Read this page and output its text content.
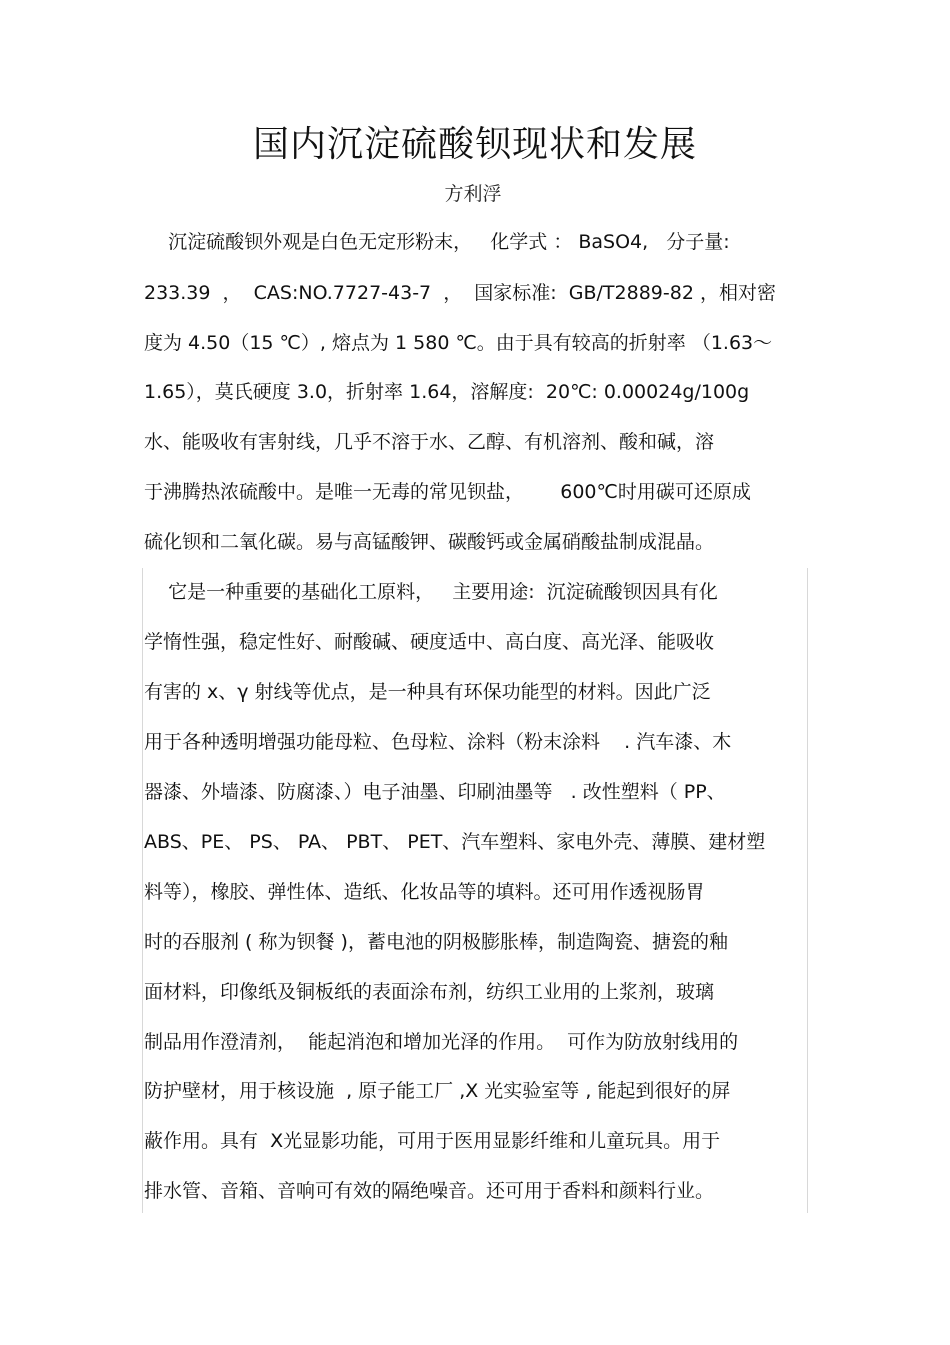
国内沉淀硫酸钡现状和发展
方利浮
沉淀硫酸钡外观是白色无定形粉末，   化学式 ： BaSO4,   分子量:
233.39  ，  CAS:NO.7727-43-7  ，  国家标准:  GB/T2889-82 ，相对密
度为 4.50（15 ℃）, 熔点为 1 580 ℃。由于具有较高的折射率 （1.63～
1.65），莫氏硬度 3.0，折射率 1.64，溶解度:  20℃: 0.00024g/100g
水、能吸收有害射线，几乎不溶于水、乙醇、有机溶剂、酸和碱，溶
于沸腾热浓硫酸中。是唯一无毒的常见钡盐，      600℃时用碳可还原成
硫化钡和二氧化碳。易与高锰酸钾、碳酸钙或金属硝酸盐制成混晶。
它是一种重要的基础化工原料，   主要用途:  沉淀硫酸钡因具有化
学惰性强，稳定性好、耐酸碱、硬度适中、高白度、高光泽、能吸收
有害的 x、γ 射线等优点，是一种具有环保功能型的材料。因此广泛
用于各种透明增强功能母粒、色母粒、涂料（粉末涂料    . 汽车漆、木
器漆、外墙漆、防腐漆、）电子油墨、印刷油墨等   . 改性塑料（ PP、
ABS、PE、 PS、 PA、 PBT、 PET、汽车塑料、家电外壳、薄膜、建材塑
料等），橡胶、弹性体、造纸、化妆品等的填料。还可用作透视肠胃
时的吞服剂 ( 称为钡餐 )，蓄电池的阴极膨胀棒，制造陶瓷、搪瓷的釉
面材料，印像纸及铜板纸的表面涂布剂，纺织工业用的上浆剂，玻璃
制品用作澄清剂，  能起消泡和增加光泽的作用。  可作为防放射线用的
防护壁材，用于核设施  , 原子能工厂 ,X 光实验室等 , 能起到很好的屏
蔽作用。具有  X光显影功能，可用于医用显影纤维和儿童玩具。用于
排水管、音箱、音响可有效的隔绝噪音。还可用于香料和颜料行业。
